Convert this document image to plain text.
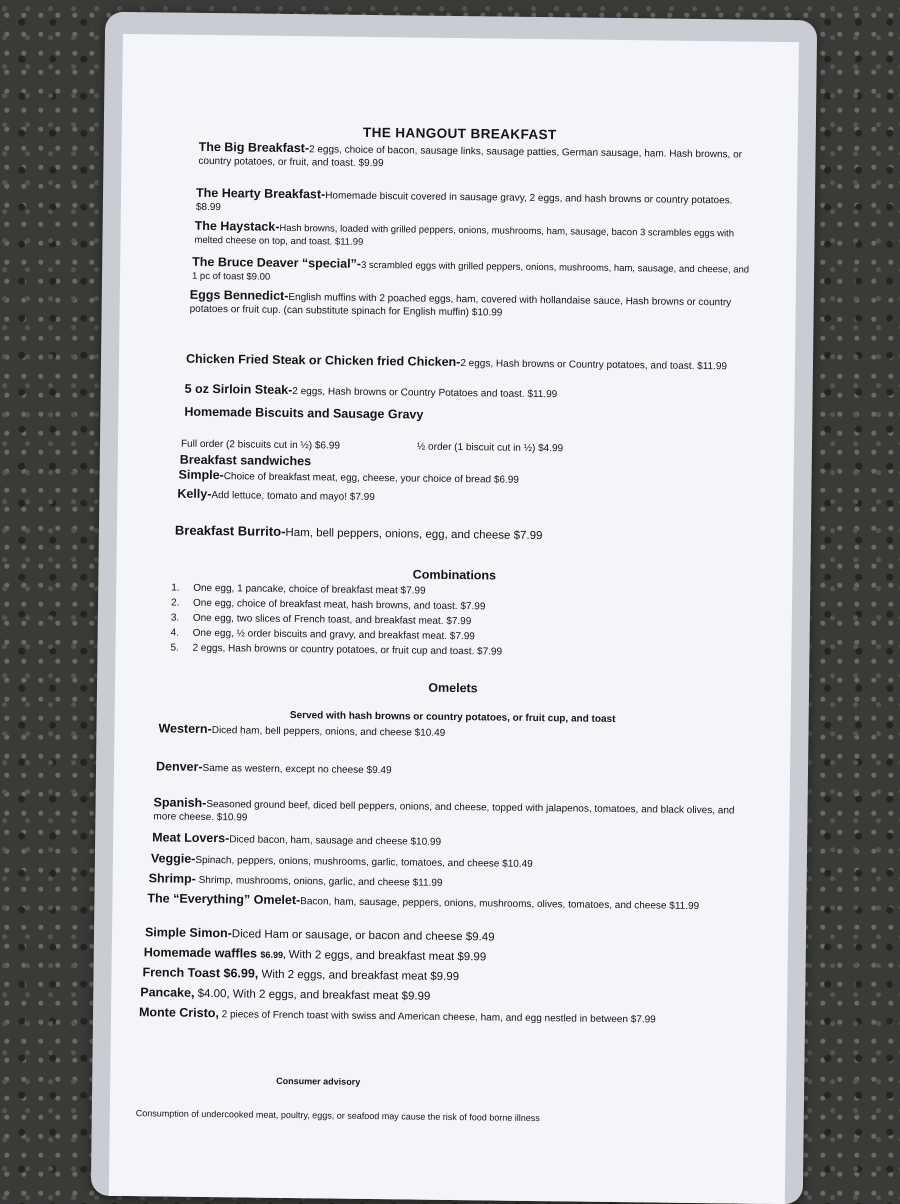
THE HANGOUT BREAKFAST
The Big Breakfast-2 eggs, choice of bacon, sausage links, sausage patties, German sausage, ham. Hash browns, or country potatoes, or fruit, and toast. $9.99
The Hearty Breakfast-Homemade biscuit covered in sausage gravy, 2 eggs, and hash browns or country potatoes. $8.99
The Haystack-Hash browns, loaded with grilled peppers, onions, mushrooms, ham, sausage, bacon 3 scrambles eggs with melted cheese on top, and toast. $11.99
The Bruce Deaver “special”-3 scrambled eggs with grilled peppers, onions, mushrooms, ham, sausage, and cheese, and 1 pc of toast $9.00
Eggs Bennedict-English muffins with 2 poached eggs, ham, covered with hollandaise sauce, Hash browns or country potatoes or fruit cup. (can substitute spinach for English muffin) $10.99
Chicken Fried Steak or Chicken fried Chicken-2 eggs, Hash browns or Country potatoes, and toast. $11.99
5 oz Sirloin Steak-2 eggs, Hash browns or Country Potatoes and toast. $11.99
Homemade Biscuits and Sausage Gravy
Full order (2 biscuits cut in ½) $6.99	½ order (1 biscuit cut in ½) $4.99
Breakfast sandwiches
Simple-Choice of breakfast meat, egg, cheese, your choice of bread $6.99
Kelly-Add lettuce, tomato and mayo! $7.99
Breakfast Burrito-Ham, bell peppers, onions, egg, and cheese $7.99
Combinations
1. One egg, 1 pancake, choice of breakfast meat $7.99
2. One egg, choice of breakfast meat, hash browns, and toast. $7.99
3. One egg, two slices of French toast, and breakfast meat. $7.99
4. One egg, ½ order biscuits and gravy, and breakfast meat. $7.99
5. 2 eggs, Hash browns or country potatoes, or fruit cup and toast. $7.99
Omelets
Served with hash browns or country potatoes, or fruit cup, and toast
Western-Diced ham, bell peppers, onions, and cheese $10.49
Denver-Same as western, except no cheese $9.49
Spanish-Seasoned ground beef, diced bell peppers, onions, and cheese, topped with jalapenos, tomatoes, and black olives, and more cheese. $10.99
Meat Lovers-Diced bacon, ham, sausage and cheese $10.99
Veggie-Spinach, peppers, onions, mushrooms, garlic, tomatoes, and cheese $10.49
Shrimp- Shrimp, mushrooms, onions, garlic, and cheese $11.99
The “Everything” Omelet-Bacon, ham, sausage, peppers, onions, mushrooms, olives, tomatoes, and cheese $11.99
Simple Simon-Diced Ham or sausage, or bacon and cheese $9.49
Homemade waffles $6.99, With 2 eggs, and breakfast meat $9.99
French Toast $6.99, With 2 eggs, and breakfast meat $9.99
Pancake, $4.00, With 2 eggs, and breakfast meat $9.99
Monte Cristo, 2 pieces of French toast with swiss and American cheese, ham, and egg nestled in between $7.99
Consumer advisory
Consumption of undercooked meat, poultry, eggs, or seafood may cause the risk of food borne illness
